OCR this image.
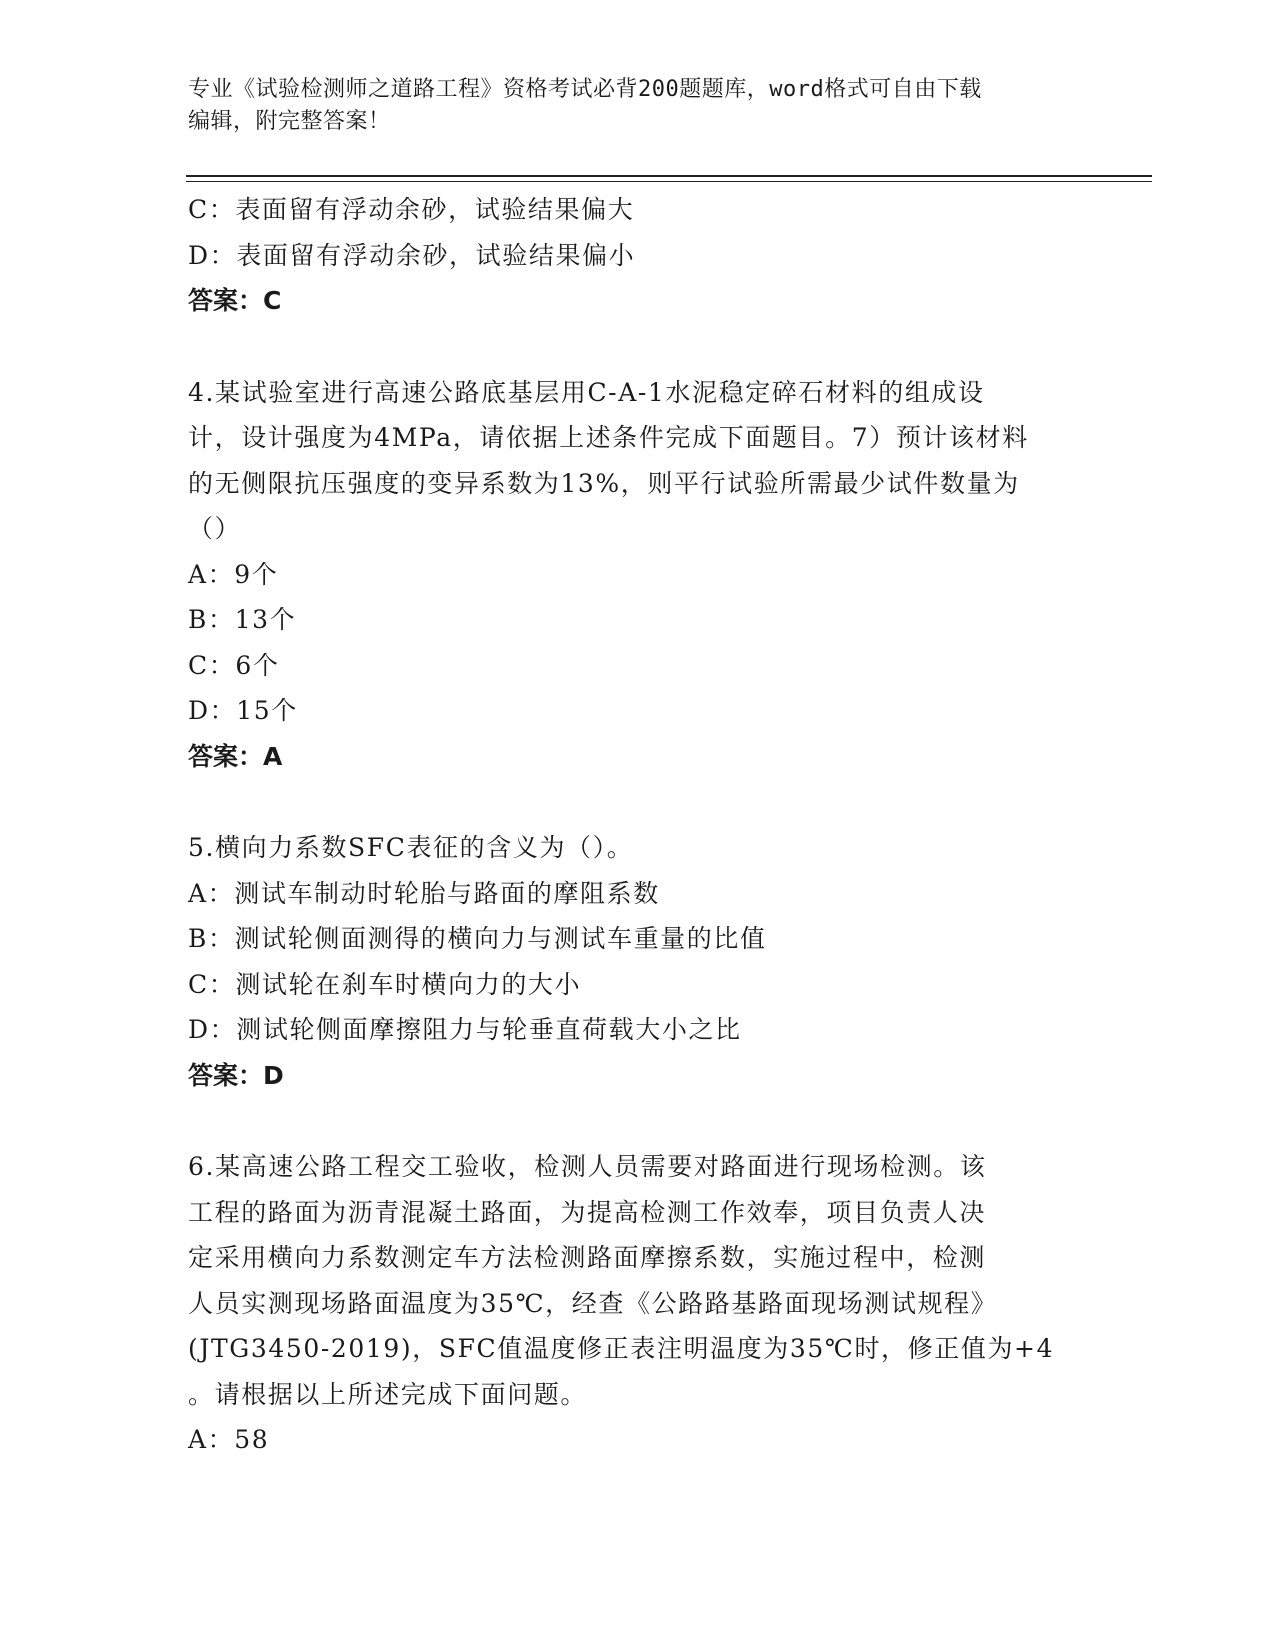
专业《试验检测师之道路工程》资格考试必背200题题库，word格式可自由下载
编辑，附完整答案！
C：表面留有浮动余砂，试验结果偏大
D：表面留有浮动余砂，试验结果偏小
答案：C
4.某试验室进行高速公路底基层用C-A-1水泥稳定碎石材料的组成设
计，设计强度为4MPa，请依据上述条件完成下面题目。7）预计该材料
的无侧限抗压强度的变异系数为13%，则平行试验所需最少试件数量为
（）
A：9个
B：13个
C：6个
D：15个
答案：A
5.横向力系数SFC表征的含义为（）。
A：测试车制动时轮胎与路面的摩阻系数
B：测试轮侧面测得的横向力与测试车重量的比值
C：测试轮在刹车时横向力的大小
D：测试轮侧面摩擦阻力与轮垂直荷载大小之比
答案：D
6.某高速公路工程交工验收，检测人员需要对路面进行现场检测。该
工程的路面为沥青混凝土路面，为提高检测工作效奉，项目负责人决
定采用横向力系数测定车方法检测路面摩擦系数，实施过程中，检测
人员实测现场路面温度为35℃，经查《公路路基路面现场测试规程》
(JTG3450-2019)，SFC值温度修正表注明温度为35℃时，修正值为+4
。请根据以上所述完成下面问题。
A：58
